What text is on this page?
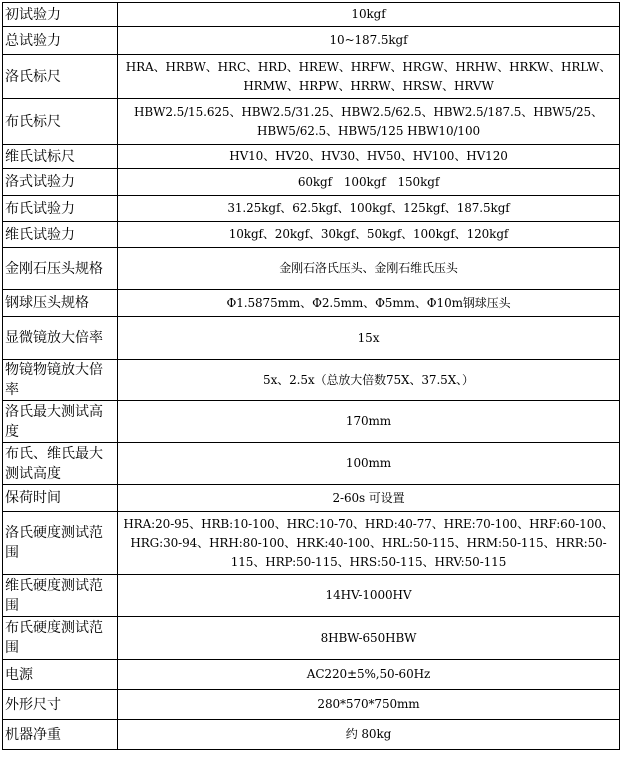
初试验力	10kgf
总试验力	10~187.5kgf
洛氏标尺	HRA、HRBW、HRC、HRD、HREW、HRFW、HRGW、HRHW、HRKW、HRLW、HRMW、HRPW、HRRW、HRSW、HRVW
布氏标尺	HBW2.5/15.625、HBW2.5/31.25、HBW2.5/62.5、HBW2.5/187.5、HBW5/25、HBW5/62.5、HBW5/125 HBW10/100
维氏试标尺	HV10、HV20、HV30、HV50、HV100、HV120
洛式试验力	60kgf　100kgf　150kgf
布氏试验力	31.25kgf、62.5kgf、100kgf、125kgf、187.5kgf
维氏试验力	10kgf、20kgf、30kgf、50kgf、100kgf、120kgf
金刚石压头规格	金刚石洛氏压头、金刚石维氏压头
钢球压头规格	Φ1.5875mm、Φ2.5mm、Φ5mm、Φ10m钢球压头
显微镜放大倍率	15x
物镜物镜放大倍率	5x、2.5x（总放大倍数75X、37.5X、）
洛氏最大测试高度	170mm
布氏、维氏最大测试高度	100mm
保荷时间	2-60s 可设置
洛氏硬度测试范围	HRA:20-95、HRB:10-100、HRC:10-70、HRD:40-77、HRE:70-100、HRF:60-100、HRG:30-94、HRH:80-100、HRK:40-100、HRL:50-115、HRM:50-115、HRR:50-115、HRP:50-115、HRS:50-115、HRV:50-115
维氏硬度测试范围	14HV-1000HV
布氏硬度测试范围	8HBW-650HBW
电源	AC220±5%,50-60Hz
外形尺寸	280*570*750mm
机器净重	约 80kg
